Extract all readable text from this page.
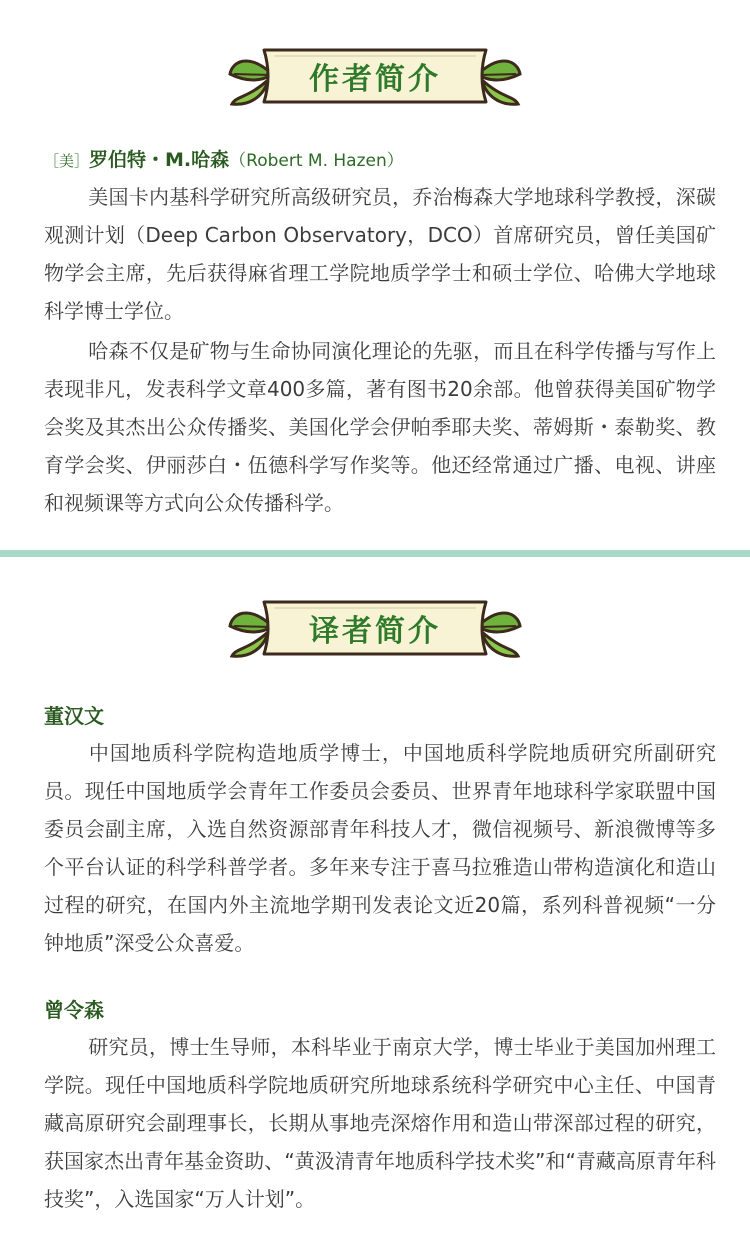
作者简介
［美］罗伯特・M.哈森（Robert M. Hazen）
美国卡内基科学研究所高级研究员，乔治梅森大学地球科学教授，深碳观测计划（Deep Carbon Observatory，DCO）首席研究员，曾任美国矿物学会主席，先后获得麻省理工学院地质学学士和硕士学位、哈佛大学地球科学博士学位。
哈森不仅是矿物与生命协同演化理论的先驱，而且在科学传播与写作上表现非凡，发表科学文章400多篇，著有图书20余部。他曾获得美国矿物学会奖及其杰出公众传播奖、美国化学会伊帕季耶夫奖、蒂姆斯・泰勒奖、教育学会奖、伊丽莎白・伍德科学写作奖等。他还经常通过广播、电视、讲座和视频课等方式向公众传播科学。
译者简介
董汉文
中国地质科学院构造地质学博士，中国地质科学院地质研究所副研究员。现任中国地质学会青年工作委员会委员、世界青年地球科学家联盟中国委员会副主席，入选自然资源部青年科技人才，微信视频号、新浪微博等多个平台认证的科学科普学者。多年来专注于喜马拉雅造山带构造演化和造山过程的研究，在国内外主流地学期刊发表论文近20篇，系列科普视频“一分钟地质”深受公众喜爱。
曾令森
研究员，博士生导师，本科毕业于南京大学，博士毕业于美国加州理工学院。现任中国地质科学院地质研究所地球系统科学研究中心主任、中国青藏高原研究会副理事长，长期从事地壳深熔作用和造山带深部过程的研究，获国家杰出青年基金资助、“黄汲清青年地质科学技术奖”和“青藏高原青年科技奖”，入选国家“万人计划”。
